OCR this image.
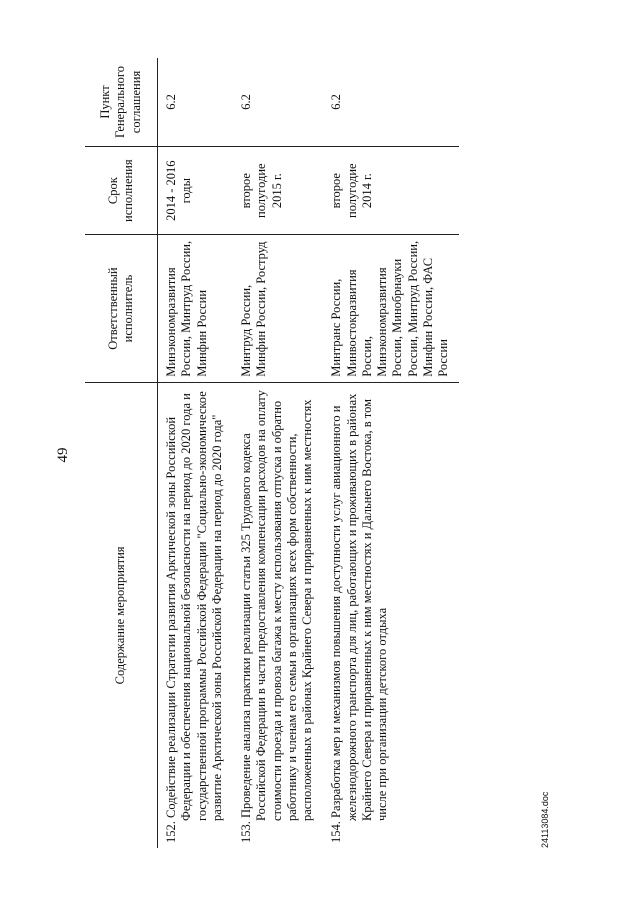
49
Содержание мероприятия	Ответственный исполнитель	Срок исполнения	Пункт Генерального соглашения

152. Содействие реализации Стратегии развития Арктической зоны Российской Федерации и обеспечения национальной безопасности на период до 2020 года и государственной программы Российской Федерации "Социально-экономическое развитие Арктической зоны Российской Федерации на период до 2020 года"	Минэкономразвития России, Минтруд России, Минфин России	2014 - 2016 годы	6.2

153. Проведение анализа практики реализации статьи 325 Трудового кодекса Российской Федерации в части предоставления компенсации расходов на оплату стоимости проезда и провоза багажа к месту использования отпуска и обратно работнику и членам его семьи в организациях всех форм собственности, расположенных в районах Крайнего Севера и приравненных к ним местностях	Минтруд России, Минфин России, Роструд	второе полугодие 2015 г.	6.2

154. Разработка мер и механизмов повышения доступности услуг авиационного и железнодорожного транспорта для лиц, работающих и проживающих в районах Крайнего Севера и приравненных к ним местностях и Дальнего Востока, в том числе при организации детского отдыха	Минтранс России, Минвостокразвития России, Минэкономразвития России, Минобрнауки России, Минтруд России, Минфин России, ФАС России	второе полугодие 2014 г.	6.2
24113084.doc
